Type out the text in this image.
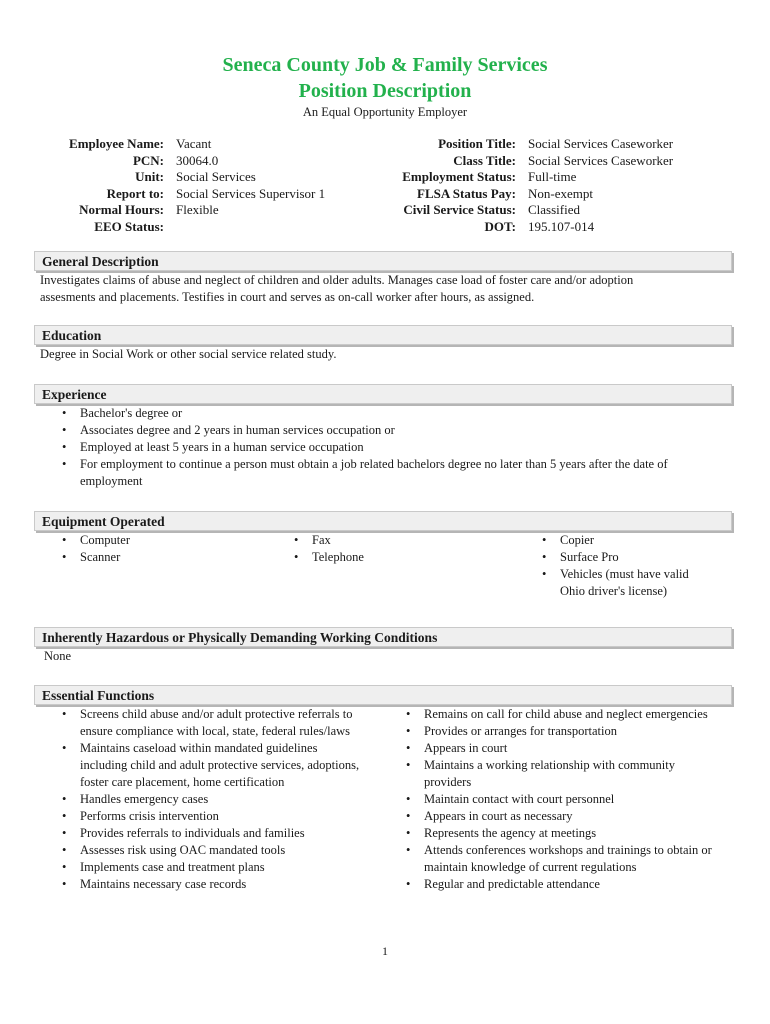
Seneca County Job & Family Services
Position Description
An Equal Opportunity Employer
Employee Name: Vacant
PCN: 30064.0
Unit: Social Services
Report to: Social Services Supervisor 1
Normal Hours: Flexible
EEO Status:
Position Title: Social Services Caseworker
Class Title: Social Services Caseworker
Employment Status: Full-time
FLSA Status Pay: Non-exempt
Civil Service Status: Classified
DOT: 195.107-014
General Description
Investigates claims of abuse and neglect of children and older adults. Manages case load of foster care and/or adoption
assesments and placements. Testifies in court and serves as on-call worker after hours, as assigned.
Education
Degree in Social Work or other social service related study.
Experience
• Bachelor's degree or
• Associates degree and 2 years in human services occupation or
• Employed at least 5 years in a human service occupation
• For employment to continue a person must obtain a job related bachelors degree no later than 5 years after the date of employment
Equipment Operated
• Computer
• Scanner
• Fax
• Telephone
• Copier
• Surface Pro
• Vehicles (must have valid Ohio driver's license)
Inherently Hazardous or Physically Demanding Working Conditions
None
Essential Functions
• Screens child abuse and/or adult protective referrals to ensure compliance with local, state, federal rules/laws
• Maintains caseload within mandated guidelines including child and adult protective services, adoptions, foster care placement, home certification
• Handles emergency cases
• Performs crisis intervention
• Provides referrals to individuals and families
• Assesses risk using OAC mandated tools
• Implements case and treatment plans
• Maintains necessary case records
• Remains on call for child abuse and neglect emergencies
• Provides or arranges for transportation
• Appears in court
• Maintains a working relationship with community providers
• Maintain contact with court personnel
• Appears in court as necessary
• Represents the agency at meetings
• Attends conferences workshops and trainings to obtain or maintain knowledge of current regulations
• Regular and predictable attendance
1
